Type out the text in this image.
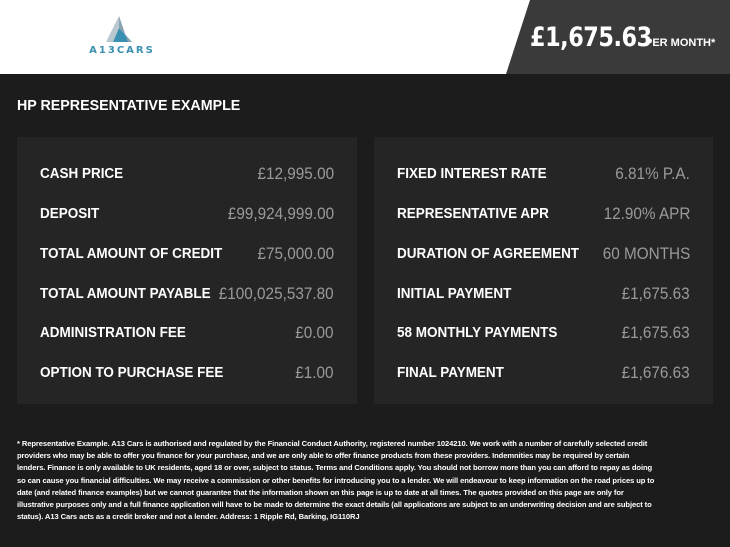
A13CARS	£1,675.63
PER MONTH*
HP REPRESENTATIVE EXAMPLE
CASH PRICE	£12,995.00
DEPOSIT	£99,924,999.00
TOTAL AMOUNT OF CREDIT £75,000.00
TOTAL AMOUNT PAYABLE £100,025,537.80
ADMINISTRATION FEE	£0.00
OPTION TO PURCHASE FEE	£1.00
FIXED INTEREST RATE	6.81% P.A.
REPRESENTATIVE APR	12.90% APR
DURATION OF AGREEMENT 60 MONTHS
INITIAL PAYMENT	£1,675.63
58 MONTHLY PAYMENTS	£1,675.63
FINAL PAYMENT	£1,676.63
* Representative Example. A13 Cars is authorised and regulated by the Financial Conduct Authority, registered number 1024210. We work with a number of carefully selected credit providers who may be able to offer you finance for your purchase, and we are only able to offer finance products from these providers. Indemnities may be required by certain lenders. Finance is only available to UK residents, aged 18 or over, subject to status. Terms and Conditions apply. You should not borrow more than you can afford to repay as doing so can cause you financial difficulties. We may receive a commission or other benefits for introducing you to a lender. We will endeavour to keep information on the road prices up to date (and related finance examples) but we cannot guarantee that the information shown on this page is up to date at all times. The quotes provided on this page are only for illustrative purposes only and a full finance application will have to be made to determine the exact details (all applications are subject to an underwriting decision and are subject to status). A13 Cars acts as a credit broker and not a lender. Address: 1 Ripple Rd, Barking, IG110RJ
